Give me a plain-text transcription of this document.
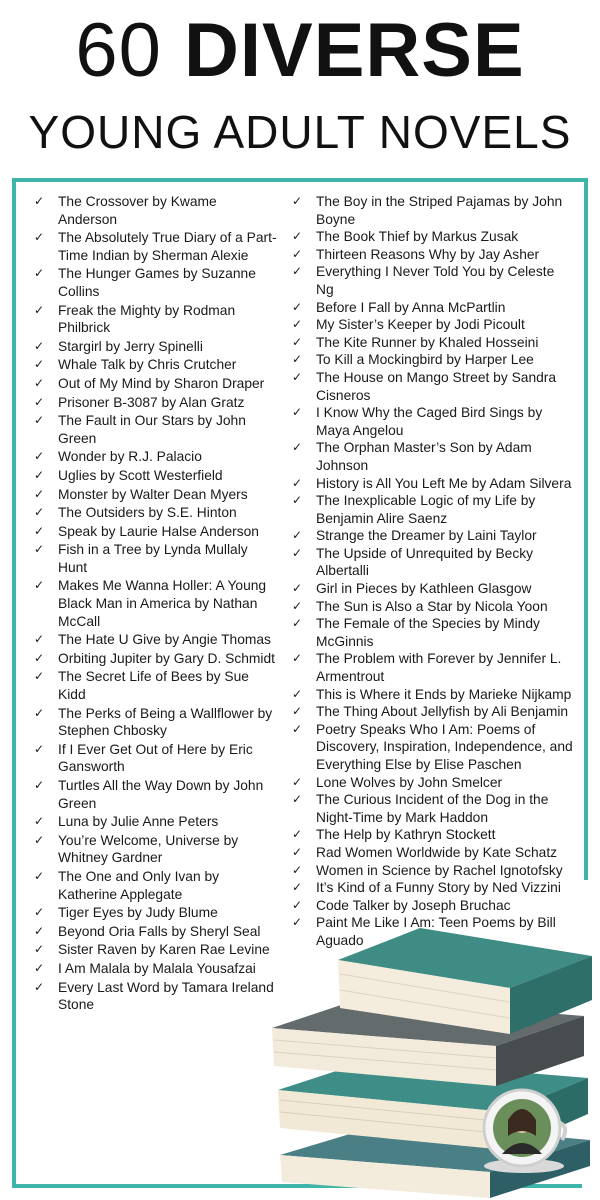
60 DIVERSE
YOUNG ADULT NOVELS
✓ The Crossover by Kwame Anderson
✓ The Absolutely True Diary of a Part-Time Indian by Sherman Alexie
✓ The Hunger Games by Suzanne Collins
✓ Freak the Mighty by Rodman Philbrick
✓ Stargirl by Jerry Spinelli
✓ Whale Talk by Chris Crutcher
✓ Out of My Mind by Sharon Draper
✓ Prisoner B-3087 by Alan Gratz
✓ The Fault in Our Stars by John Green
✓ Wonder by R.J. Palacio
✓ Uglies by Scott Westerfield
✓ Monster by Walter Dean Myers
✓ The Outsiders by S.E. Hinton
✓ Speak by Laurie Halse Anderson
✓ Fish in a Tree by Lynda Mullaly Hunt
✓ Makes Me Wanna Holler: A Young Black Man in America by Nathan McCall
✓ The Hate U Give by Angie Thomas
✓ Orbiting Jupiter by Gary D. Schmidt
✓ The Secret Life of Bees by Sue Kidd
✓ The Perks of Being a Wallflower by Stephen Chbosky
✓ If I Ever Get Out of Here by Eric Gansworth
✓ Turtles All the Way Down by John Green
✓ Luna by Julie Anne Peters
✓ You’re Welcome, Universe by Whitney Gardner
✓ The One and Only Ivan by Katherine Applegate
✓ Tiger Eyes by Judy Blume
✓ Beyond Oria Falls by Sheryl Seal
✓ Sister Raven by Karen Rae Levine
✓ I Am Malala by Malala Yousafzai
✓ Every Last Word by Tamara Ireland Stone
✓ The Boy in the Striped Pajamas by John Boyne
✓ The Book Thief by Markus Zusak
✓ Thirteen Reasons Why by Jay Asher
✓ Everything I Never Told You by Celeste Ng
✓ Before I Fall by Anna McPartlin
✓ My Sister’s Keeper by Jodi Picoult
✓ The Kite Runner by Khaled Hosseini
✓ To Kill a Mockingbird by Harper Lee
✓ The House on Mango Street by Sandra Cisneros
✓ I Know Why the Caged Bird Sings by Maya Angelou
✓ The Orphan Master’s Son by Adam Johnson
✓ History is All You Left Me by Adam Silvera
✓ The Inexplicable Logic of my Life by Benjamin Alire Saenz
✓ Strange the Dreamer by Laini Taylor
✓ The Upside of Unrequited by Becky Albertalli
✓ Girl in Pieces by Kathleen Glasgow
✓ The Sun is Also a Star by Nicola Yoon
✓ The Female of the Species by Mindy McGinnis
✓ The Problem with Forever by Jennifer L. Armentrout
✓ This is Where it Ends by Marieke Nijkamp
✓ The Thing About Jellyfish by Ali Benjamin
✓ Poetry Speaks Who I Am: Poems of Discovery, Inspiration, Independence, and Everything Else by Elise Paschen
✓ Lone Wolves by John Smelcer
✓ The Curious Incident of the Dog in the Night-Time by Mark Haddon
✓ The Help by Kathryn Stockett
✓ Rad Women Worldwide by Kate Schatz
✓ Women in Science by Rachel Ignotofsky
✓ It’s Kind of a Funny Story by Ned Vizzini
✓ Code Talker by Joseph Bruchac
✓ Paint Me Like I Am: Teen Poems by Bill Aguado
